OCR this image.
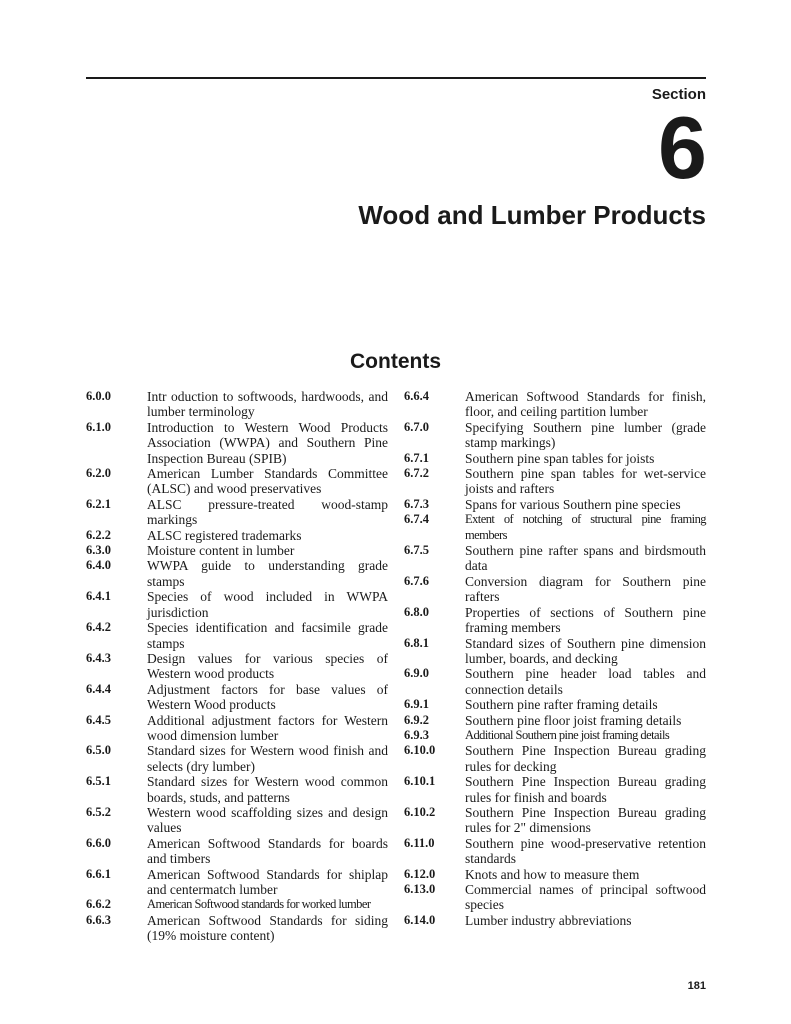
Section
6
Wood and Lumber Products
Contents
6.0.0	Intr oduction to softwoods, hardwoods, and lumber terminology
6.1.0	Introduction to Western Wood Products Association (WWPA) and Southern Pine Inspection Bureau (SPIB)
6.2.0	American Lumber Standards Committee (ALSC) and wood preservatives
6.2.1	ALSC pressure-treated wood-stamp markings
6.2.2	ALSC registered trademarks
6.3.0	Moisture content in lumber
6.4.0	WWPA guide to understanding grade stamps
6.4.1	Species of wood included in WWPA jurisdiction
6.4.2	Species identification and facsimile grade stamps
6.4.3	Design values for various species of Western wood products
6.4.4	Adjustment factors for base values of Western Wood products
6.4.5	Additional adjustment factors for Western wood dimension lumber
6.5.0	Standard sizes for Western wood finish and selects (dry lumber)
6.5.1	Standard sizes for Western wood common boards, studs, and patterns
6.5.2	Western wood scaffolding sizes and design values
6.6.0	American Softwood Standards for boards and timbers
6.6.1	American Softwood Standards for shiplap and centermatch lumber
6.6.2	American Softwood standards for worked lumber
6.6.3	American Softwood Standards for siding (19% moisture content)
6.6.4	American Softwood Standards for finish, floor, and ceiling partition lumber
6.7.0	Specifying Southern pine lumber (grade stamp markings)
6.7.1	Southern pine span tables for joists
6.7.2	Southern pine span tables for wet-service joists and rafters
6.7.3	Spans for various Southern pine species
6.7.4	Extent of notching of structural pine framing members
6.7.5	Southern pine rafter spans and birdsmouth data
6.7.6	Conversion diagram for Southern pine rafters
6.8.0	Properties of sections of Southern pine framing members
6.8.1	Standard sizes of Southern pine dimension lumber, boards, and decking
6.9.0	Southern pine header load tables and connection details
6.9.1	Southern pine rafter framing details
6.9.2	Southern pine floor joist framing details
6.9.3	Additional Southern pine joist framing details
6.10.0	Southern Pine Inspection Bureau grading rules for decking
6.10.1	Southern Pine Inspection Bureau grading rules for finish and boards
6.10.2	Southern Pine Inspection Bureau grading rules for 2" dimensions
6.11.0	Southern pine wood-preservative retention standards
6.12.0	Knots and how to measure them
6.13.0	Commercial names of principal softwood species
6.14.0	Lumber industry abbreviations
181
